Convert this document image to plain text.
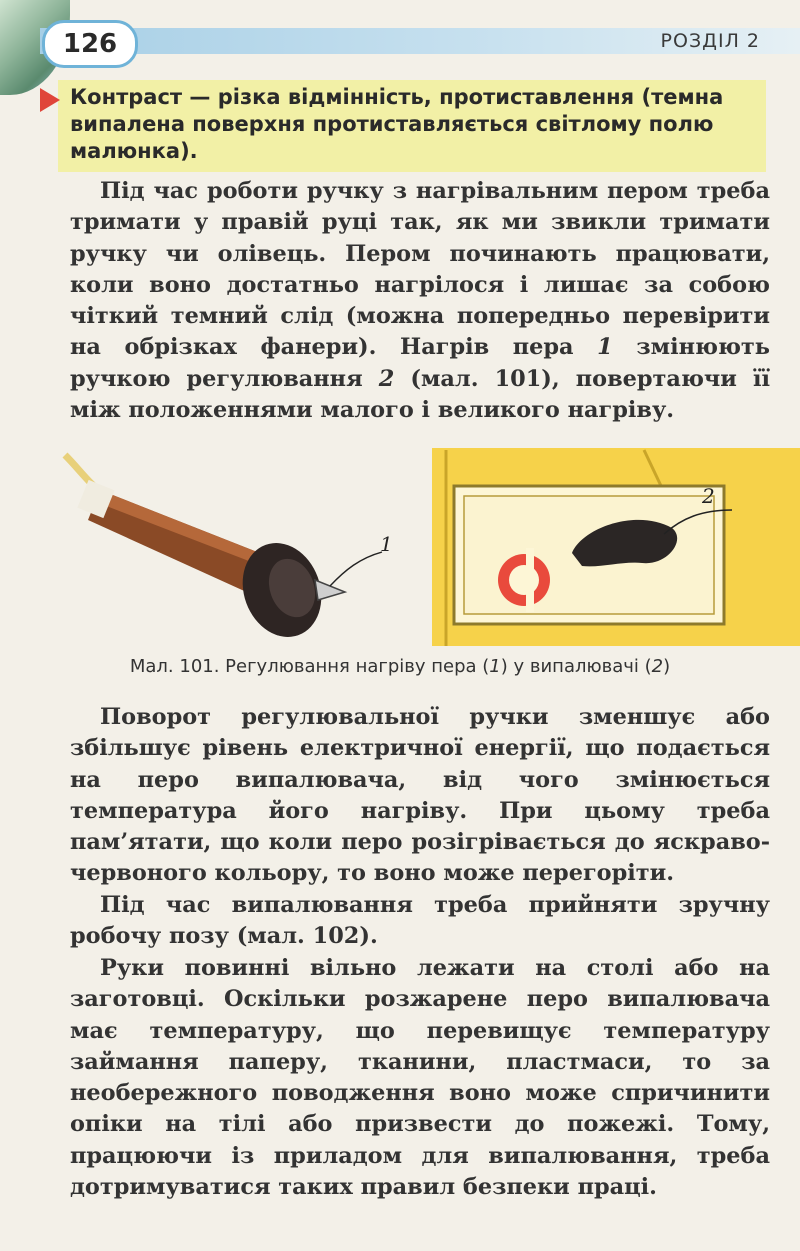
126	РОЗДІЛ 2
Контраст — різка відмінність, протиставлення (темна випалена поверхня протиставляється світлому полю малюнка).
Під час роботи ручку з нагрівальним пером треба тримати у правій руці так, як ми звикли тримати ручку чи олівець. Пером починають працювати, коли воно достатньо нагрілося і лишає за собою чіткий темний слід (можна попередньо перевірити на обрізках фанери). Нагрів пера 1 змінюють ручкою регулювання 2 (мал. 101), повертаючи її між положеннями малого і великого нагріву.
1
2
Мал. 101. Регулювання нагріву пера (1) у випалювачі (2)
Поворот регулювальної ручки зменшує або збільшує рівень електричної енергії, що подається на перо випалювача, від чого змінюється температура його нагріву. При цьому треба пам’ятати, що коли перо розігрівається до яскраво-червоного кольору, то воно може перегоріти.
Під час випалювання треба прийняти зручну робочу позу (мал. 102).
Руки повинні вільно лежати на столі або на заготовці. Оскільки розжарене перо випалювача має температуру, що перевищує температуру займання паперу, тканини, пластмаси, то за необережного поводження воно може спричинити опіки на тілі або призвести до пожежі. Тому, працюючи із приладом для випалювання, треба дотримуватися таких правил безпеки праці.
